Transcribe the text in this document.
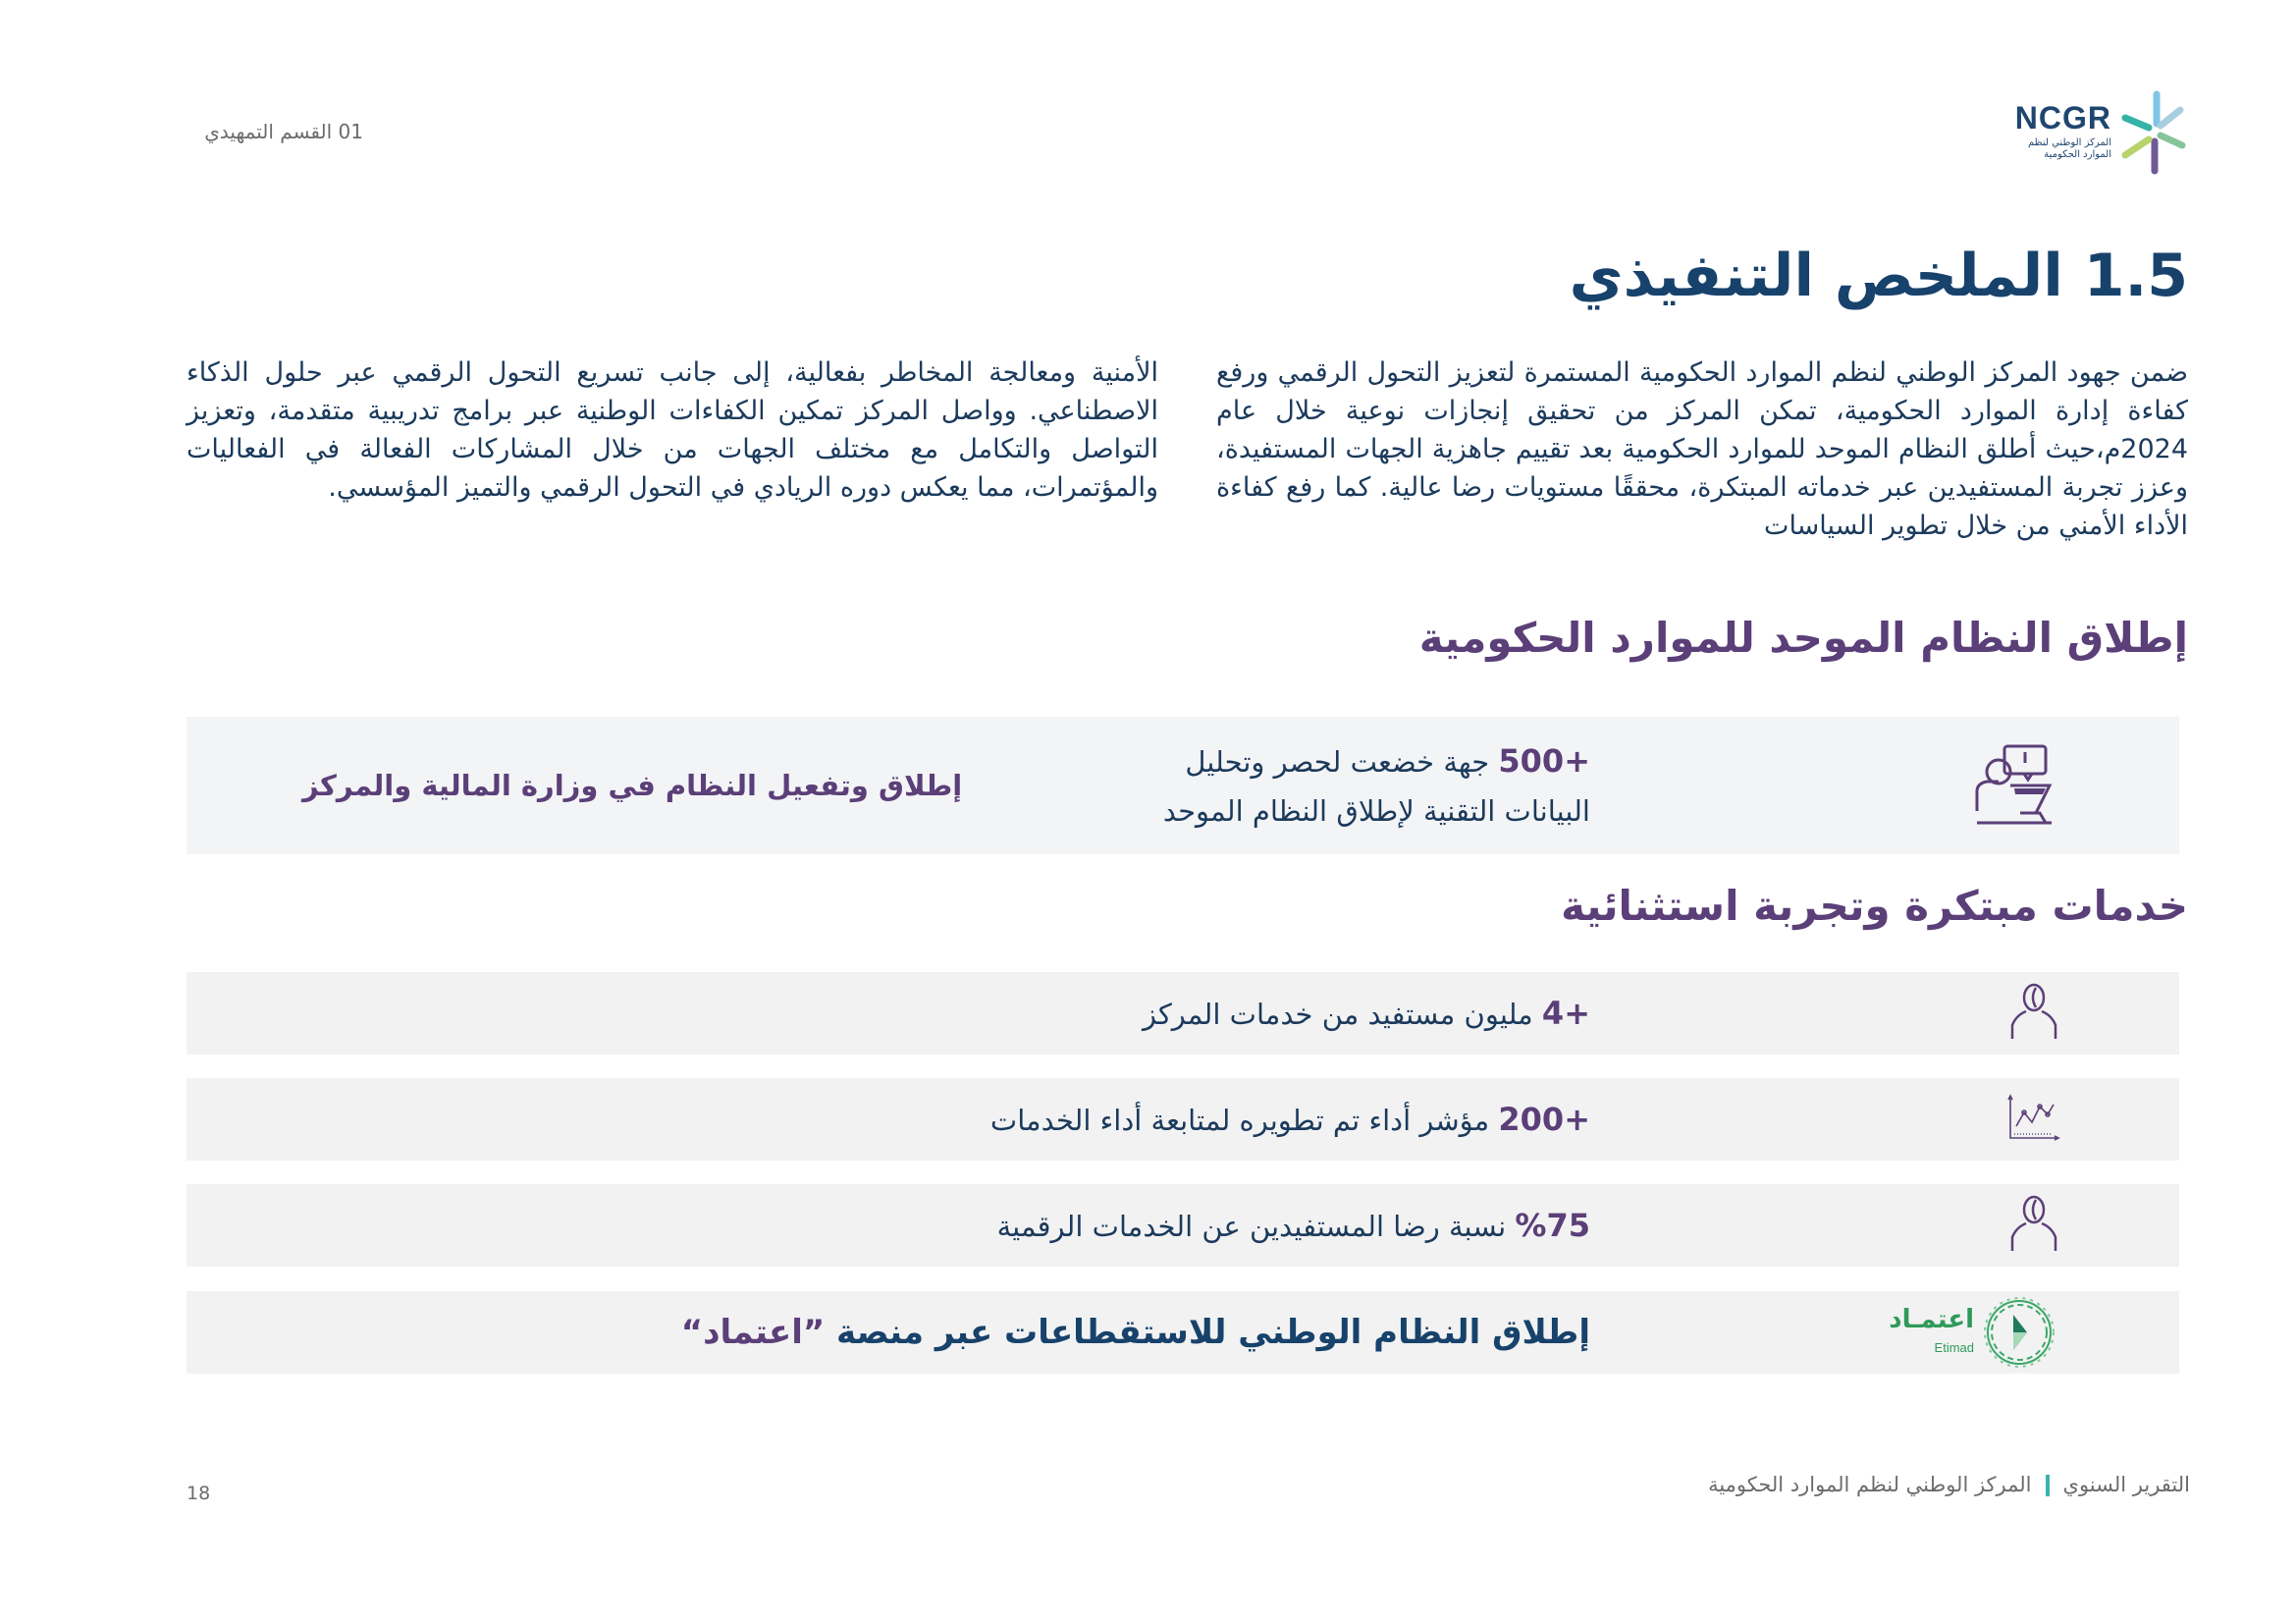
01 القسم التمهيدي	NCGR
المركز الوطني لنظم
الموارد الحكومية
1.5 الملخص التنفيذي
ضمن جهود المركز الوطني لنظم الموارد الحكومية المستمرة لتعزيز التحول الرقمي ورفع كفاءة إدارة الموارد الحكومية، تمكن المركز من تحقيق إنجازات نوعية خلال عام 2024م،حيث أطلق النظام الموحد للموارد الحكومية بعد تقييم جاهزية الجهات المستفيدة، وعزز تجربة المستفيدين عبر خدماته المبتكرة، محققًا مستويات رضا عالية. كما رفع كفاءة الأداء الأمني من خلال تطوير السياسات
الأمنية ومعالجة المخاطر بفعالية، إلى جانب تسريع التحول الرقمي عبر حلول الذكاء الاصطناعي. وواصل المركز تمكين الكفاءات الوطنية عبر برامج تدريبية متقدمة، وتعزيز التواصل والتكامل مع مختلف الجهات من خلال المشاركات الفعالة في الفعاليات والمؤتمرات، مما يعكس دوره الريادي في التحول الرقمي والتميز المؤسسي.
إطلاق النظام الموحد للموارد الحكومية
+500 جهة خضعت لحصر وتحليل
البيانات التقنية لإطلاق النظام الموحد
إطلاق وتفعيل النظام في وزارة المالية والمركز
خدمات مبتكرة وتجربة استثنائية
+4 مليون مستفيد من خدمات المركز
+200 مؤشر أداء تم تطويره لمتابعة أداء الخدمات
%75 نسبة رضا المستفيدين عن الخدمات الرقمية
اعتمـاد
Etimad
إطلاق النظام الوطني للاستقطاعات عبر منصة ”اعتماد“
التقرير السنويالمركز الوطني لنظم الموارد الحكومية
18
